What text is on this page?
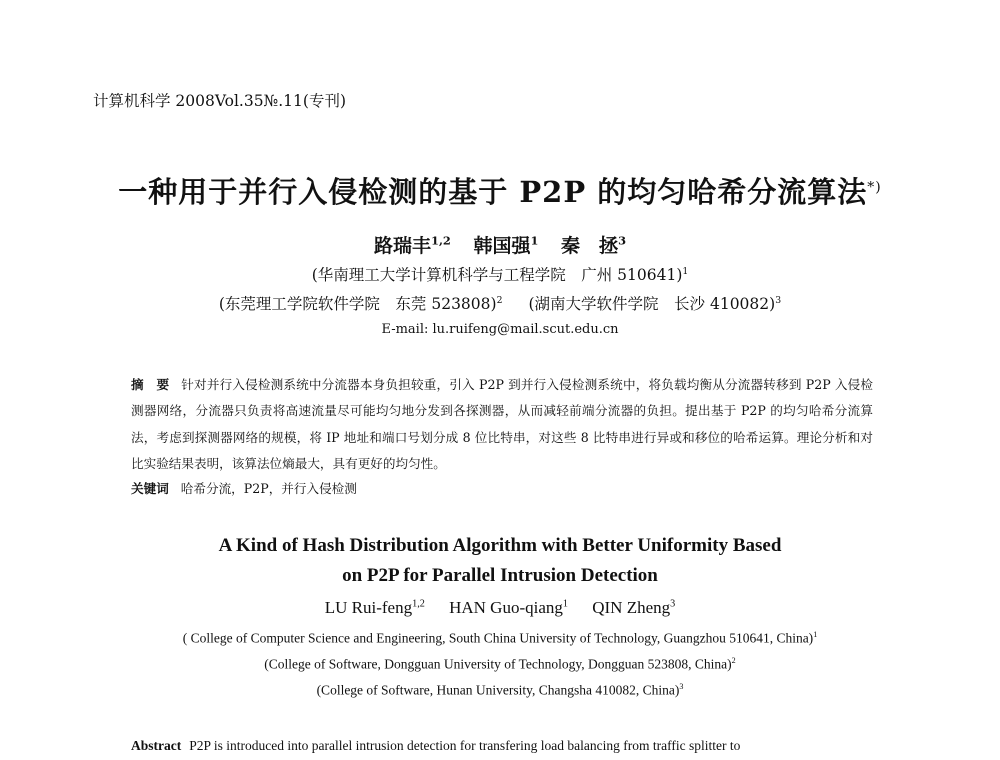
计算机科学 2008Vol.35№.11(专刊)
一种用于并行入侵检测的基于 P2P 的均匀哈希分流算法*)
路瑞丰$^{1,2}$ 韩国强$^1$ 秦　拯$^3$
(华南理工大学计算机科学与工程学院　广州 510641)$^1$
(东莞理工学院软件学院　东莞 523808)$^2$ (湖南大学软件学院　长沙 410082)$^3$
E-mail: lu.ruifeng@mail.scut.edu.cn
摘　要 针对并行入侵检测系统中分流器本身负担较重，引入 P2P 到并行入侵检测系统中，将负载均衡从分流器转移到 P2P 入侵检测器网络，分流器只负责将高速流量尽可能均匀地分发到各探测器，从而减轻前端分流器的负担。提出基于 P2P 的均匀哈希分流算法，考虑到探测器网络的规模，将 IP 地址和端口号划分成 8 位比特串，对这些 8 比特串进行异或和移位的哈希运算。理论分析和对比实验结果表明，该算法位熵最大，具有更好的均匀性。
关键词 哈希分流，P2P，并行入侵检测
A Kind of Hash Distribution Algorithm with Better Uniformity Based
on P2P for Parallel Intrusion Detection
LU Rui-feng$^{1,2}$ HAN Guo-qiang$^1$ QIN Zheng$^3$
( College of Computer Science and Engineering, South China University of Technology, Guangzhou 510641, China)$^1$
(College of Software, Dongguan University of Technology, Dongguan 523808, China)$^2$
(College of Software, Hunan University, Changsha 410082, China)$^3$
Abstract P2P is introduced into parallel intrusion detection for transfering load balancing from traffic splitter to
